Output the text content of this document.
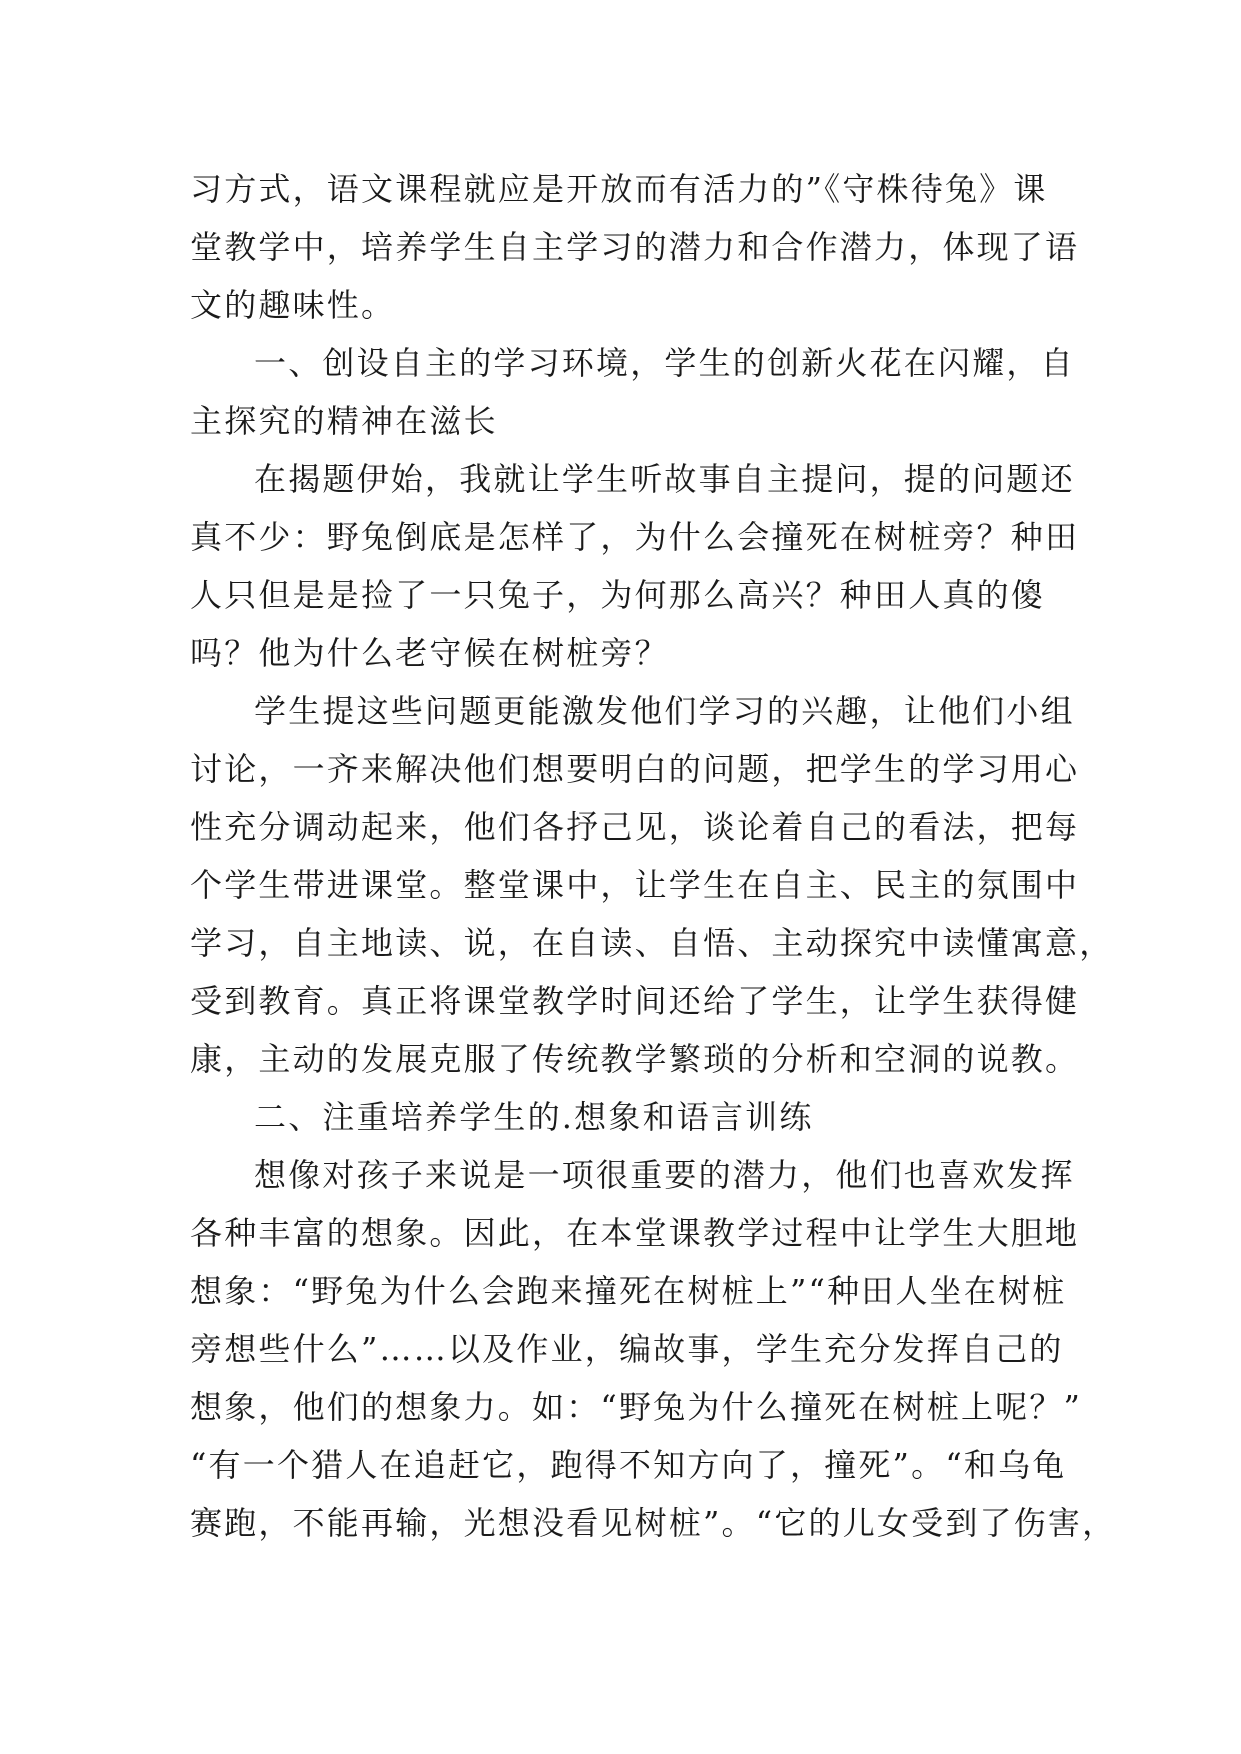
习方式，语文课程就应是开放而有活力的”《守株待兔》课
堂教学中，培养学生自主学习的潜力和合作潜力，体现了语
文的趣味性。
一、创设自主的学习环境，学生的创新火花在闪耀，自
主探究的精神在滋长
在揭题伊始，我就让学生听故事自主提问，提的问题还
真不少：野兔倒底是怎样了，为什么会撞死在树桩旁？种田
人只但是是捡了一只兔子，为何那么高兴？种田人真的傻
吗？他为什么老守候在树桩旁？
学生提这些问题更能激发他们学习的兴趣，让他们小组
讨论，一齐来解决他们想要明白的问题，把学生的学习用心
性充分调动起来，他们各抒己见，谈论着自己的看法，把每
个学生带进课堂。整堂课中，让学生在自主、民主的氛围中
学习，自主地读、说，在自读、自悟、主动探究中读懂寓意，
受到教育。真正将课堂教学时间还给了学生，让学生获得健
康，主动的发展克服了传统教学繁琐的分析和空洞的说教。
二、注重培养学生的.想象和语言训练
想像对孩子来说是一项很重要的潜力，他们也喜欢发挥
各种丰富的想象。因此，在本堂课教学过程中让学生大胆地
想象：“野兔为什么会跑来撞死在树桩上”“种田人坐在树桩
旁想些什么”……以及作业，编故事，学生充分发挥自己的
想象，他们的想象力。如：“野兔为什么撞死在树桩上呢？”
“有一个猎人在追赶它，跑得不知方向了，撞死”。“和乌龟
赛跑，不能再输，光想没看见树桩”。“它的儿女受到了伤害，
